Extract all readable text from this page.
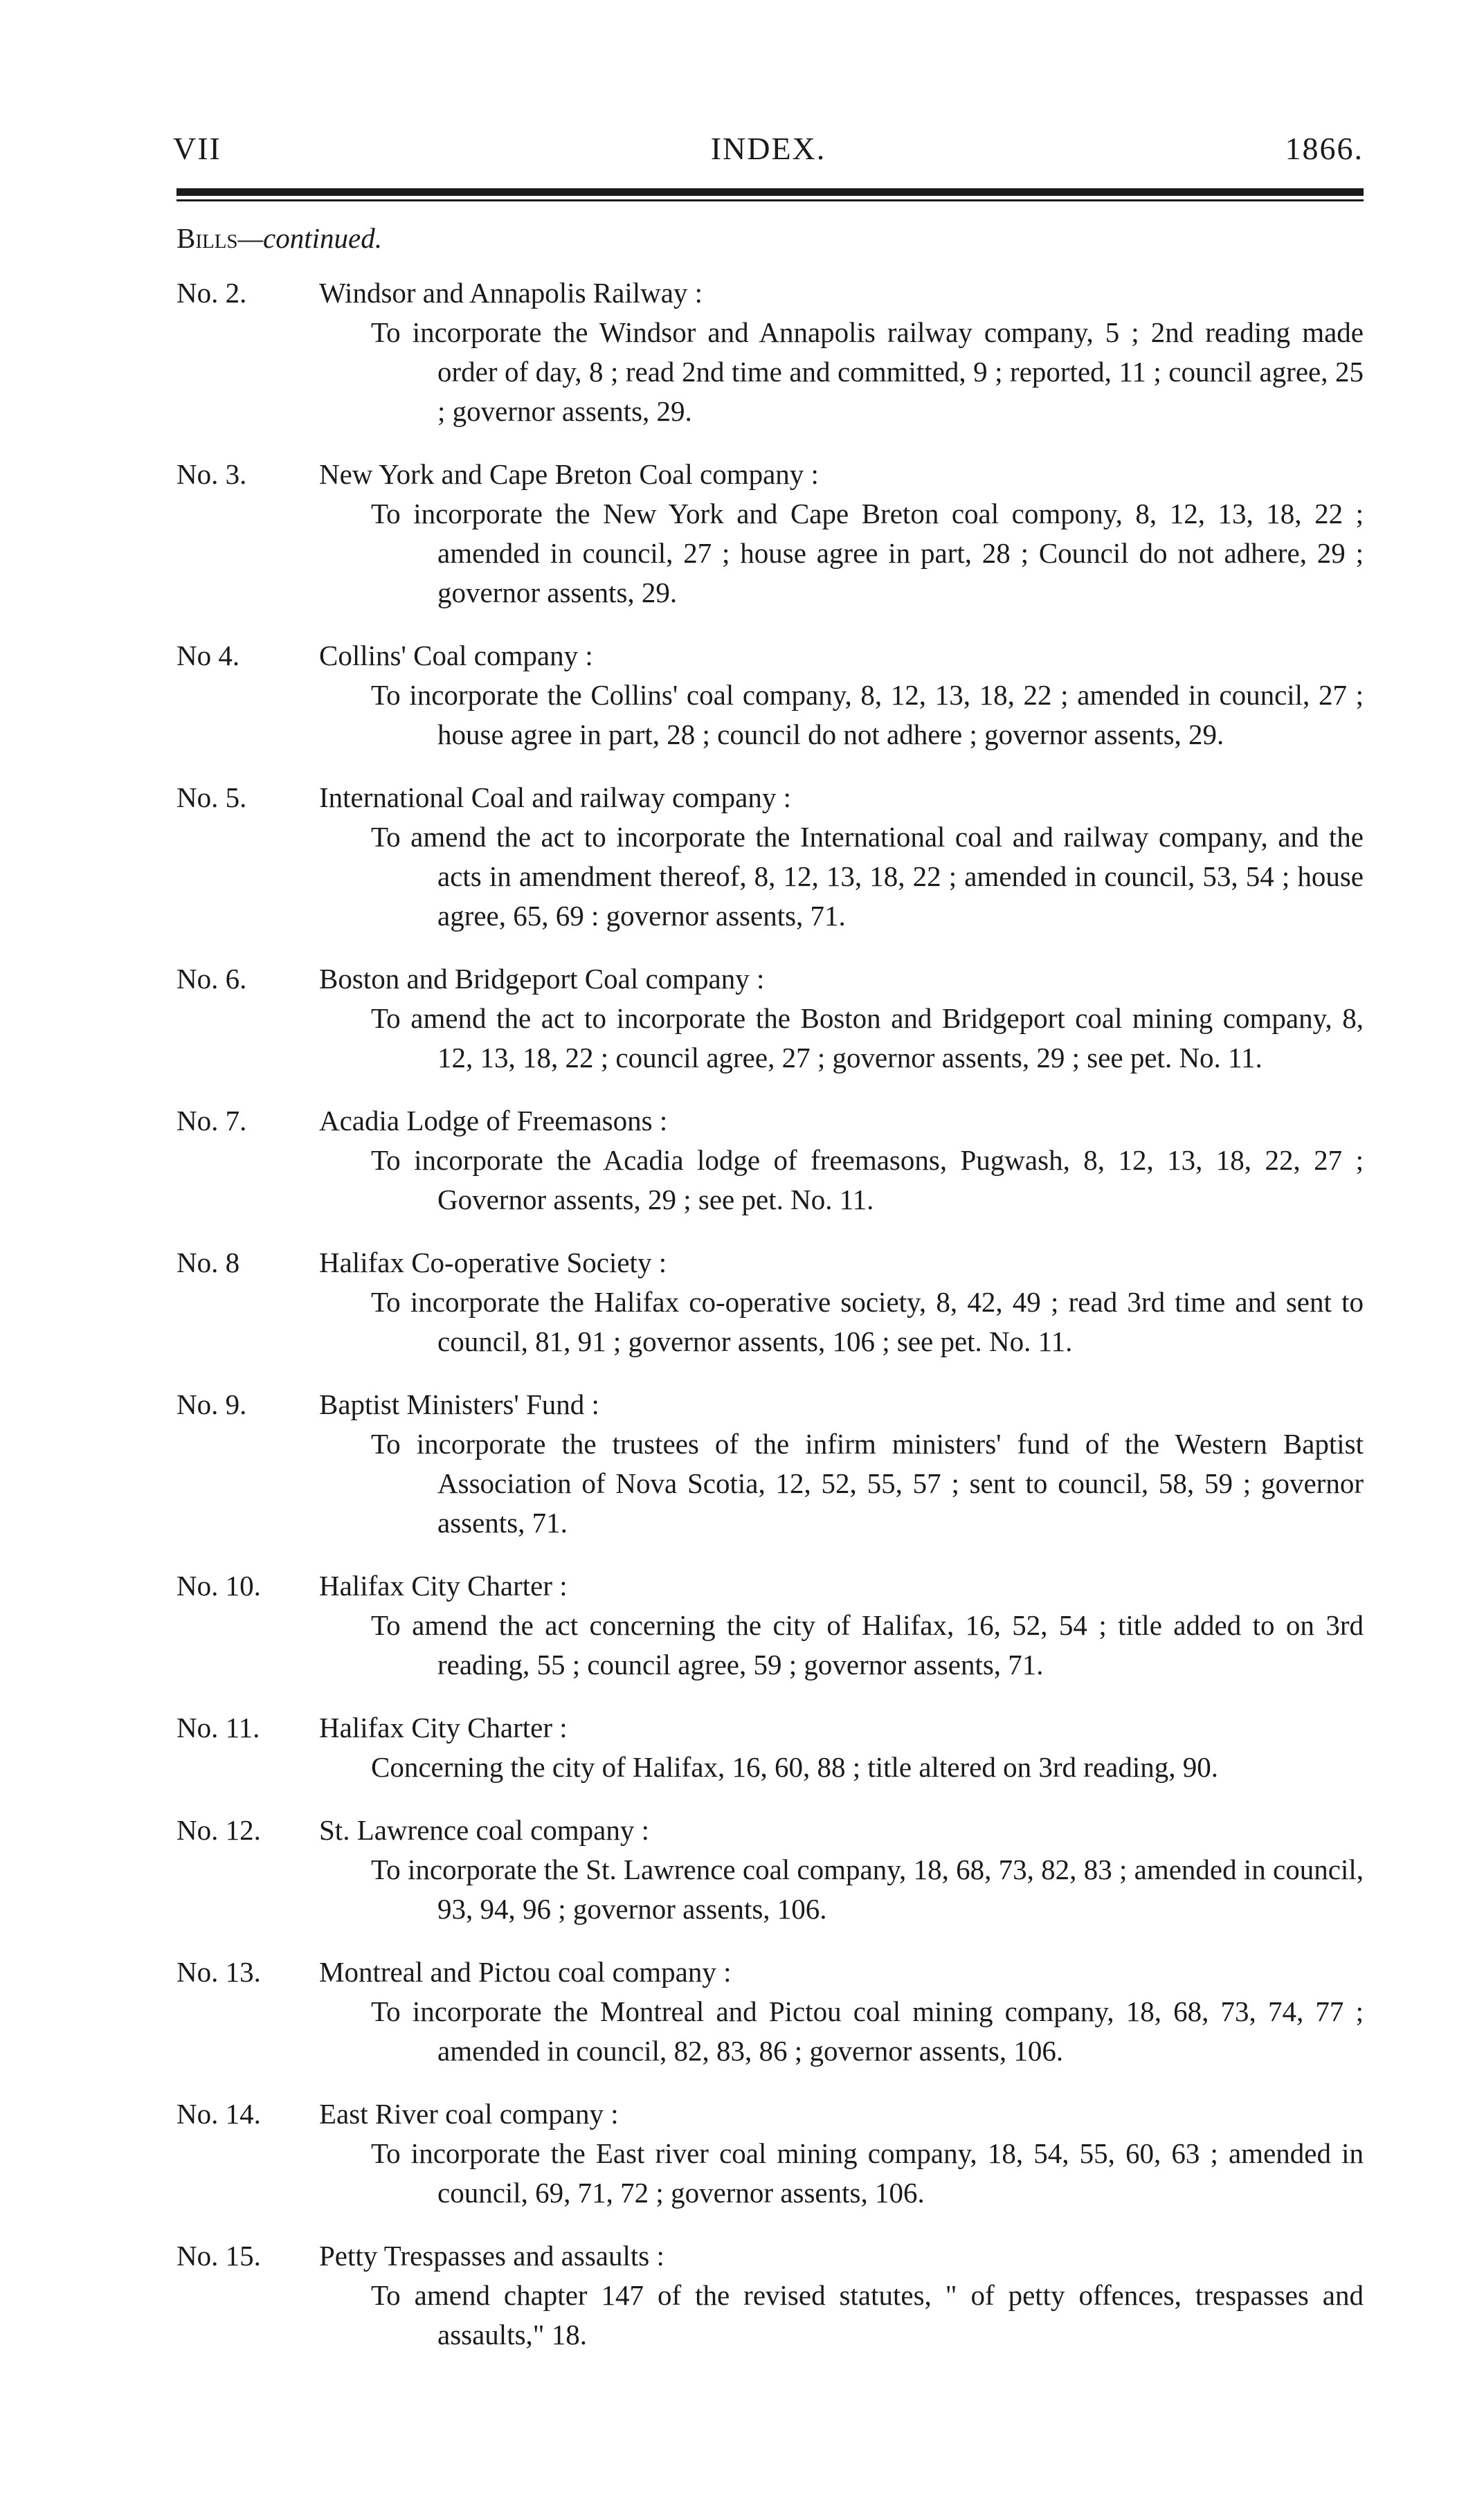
VII	INDEX.	1866.
Bills—continued.
No. 2.	Windsor and Annapolis Railway :
To incorporate the Windsor and Annapolis railway company, 5 ; 2nd reading made order of day, 8 ; read 2nd time and committed, 9 ; reported, 11 ; council agree, 25 ; governor assents, 29.
No. 3.	New York and Cape Breton Coal company :
To incorporate the New York and Cape Breton coal compony, 8, 12, 13, 18, 22 ; amended in council, 27 ; house agree in part, 28 ; Council do not adhere, 29 ; governor assents, 29.
No 4.	Collins' Coal company :
To incorporate the Collins' coal company, 8, 12, 13, 18, 22 ; amended in council, 27 ; house agree in part, 28 ; council do not adhere ; governor assents, 29.
No. 5.	International Coal and railway company :
To amend the act to incorporate the International coal and railway company, and the acts in amendment thereof, 8, 12, 13, 18, 22 ; amended in council, 53, 54 ; house agree, 65, 69 : governor assents, 71.
No. 6.	Boston and Bridgeport Coal company :
To amend the act to incorporate the Boston and Bridgeport coal mining company, 8, 12, 13, 18, 22 ; council agree, 27 ; governor assents, 29 ; see pet. No. 11.
No. 7.	Acadia Lodge of Freemasons :
To incorporate the Acadia lodge of freemasons, Pugwash, 8, 12, 13, 18, 22, 27 ; Governor assents, 29 ; see pet. No. 11.
No. 8	Halifax Co-operative Society :
To incorporate the Halifax co-operative society, 8, 42, 49 ; read 3rd time and sent to council, 81, 91 ; governor assents, 106 ; see pet. No. 11.
No. 9.	Baptist Ministers' Fund :
To incorporate the trustees of the infirm ministers' fund of the Western Baptist Association of Nova Scotia, 12, 52, 55, 57 ; sent to council, 58, 59 ; governor assents, 71.
No. 10.	Halifax City Charter :
To amend the act concerning the city of Halifax, 16, 52, 54 ; title added to on 3rd reading, 55 ; council agree, 59 ; governor assents, 71.
No. 11.	Halifax City Charter :
Concerning the city of Halifax, 16, 60, 88 ; title altered on 3rd reading, 90.
No. 12.	St. Lawrence coal company :
To incorporate the St. Lawrence coal company, 18, 68, 73, 82, 83 ; amended in council, 93, 94, 96 ; governor assents, 106.
No. 13.	Montreal and Pictou coal company :
To incorporate the Montreal and Pictou coal mining company, 18, 68, 73, 74, 77 ; amended in council, 82, 83, 86 ; governor assents, 106.
No. 14.	East River coal company :
To incorporate the East river coal mining company, 18, 54, 55, 60, 63 ; amended in council, 69, 71, 72 ; governor assents, 106.
No. 15.	Petty Trespasses and assaults :
To amend chapter 147 of the revised statutes, " of petty offences, trespasses and assaults," 18.
